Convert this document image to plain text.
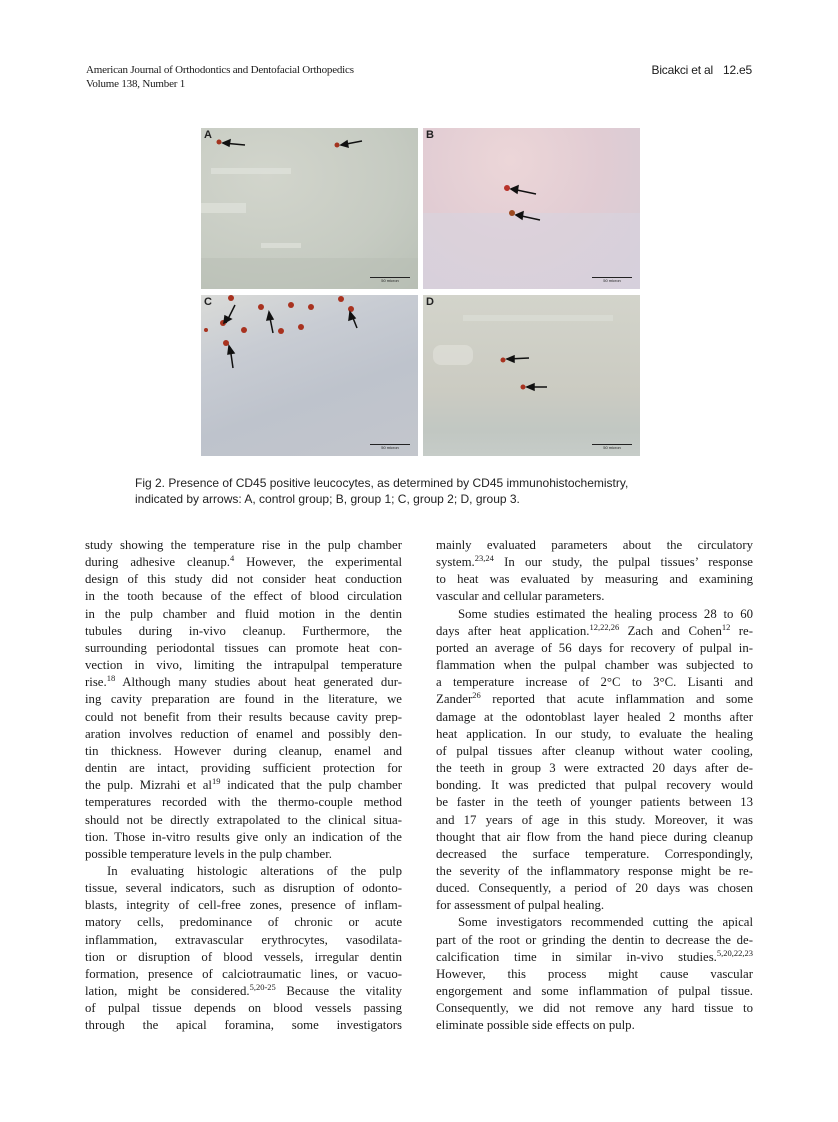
American Journal of Orthodontics and Dentofacial Orthopedics
Volume 138, Number 1
Bicakci et al 12.e5
A
50 micron
B
50 micron
C
50 micron
D
50 micron
Fig 2. Presence of CD45 positive leucocytes, as determined by CD45 immunohistochemistry,
indicated by arrows: A, control group; B, group 1; C, group 2; D, group 3.
study showing the temperature rise in the pulp chamber
during adhesive cleanup.$^4$ However, the experimental
design of this study did not consider heat conduction
in the tooth because of the effect of blood circulation
in the pulp chamber and fluid motion in the dentin
tubules during in-vivo cleanup. Furthermore, the
surrounding periodontal tissues can promote heat con-
vection in vivo, limiting the intrapulpal temperature
rise.$^{18}$ Although many studies about heat generated dur-
ing cavity preparation are found in the literature, we
could not benefit from their results because cavity prep-
aration involves reduction of enamel and possibly den-
tin thickness. However during cleanup, enamel and
dentin are intact, providing sufficient protection for
the pulp. Mizrahi et $al^{19}$ indicated that the pulp chamber
temperatures recorded with the thermo-couple method
should not be directly extrapolated to the clinical situa-
tion. Those in-vitro results give only an indication of the
possible temperature levels in the pulp chamber.
In evaluating histologic alterations of the pulp
tissue, several indicators, such as disruption of odonto-
blasts, integrity of cell-free zones, presence of inflam-
matory cells, predominance of chronic or acute
inflammation, extravascular erythrocytes, vasodilata-
tion or disruption of blood vessels, irregular dentin
formation, presence of calciotraumatic lines, or vacuo-
lation, might be considered.$^{5,20-25}$ Because the vitality
of pulpal tissue depends on blood vessels passing
through the apical foramina, some investigators
mainly evaluated parameters about the circulatory
system.$^{23,24}$ In our study, the pulpal tissues’ response
to heat was evaluated by measuring and examining
vascular and cellular parameters.
Some studies estimated the healing process 28 to 60
days after heat application.$^{12,22,26}$ Zach and Cohen$^{12}$ re-
ported an average of 56 days for recovery of pulpal in-
flammation when the pulpal chamber was subjected to
a temperature increase of 2°C to 3°C. Lisanti and
Zander$^{26}$ reported that acute inflammation and some
damage at the odontoblast layer healed 2 months after
heat application. In our study, to evaluate the healing
of pulpal tissues after cleanup without water cooling,
the teeth in group 3 were extracted 20 days after de-
bonding. It was predicted that pulpal recovery would
be faster in the teeth of younger patients between 13
and 17 years of age in this study. Moreover, it was
thought that air flow from the hand piece during cleanup
decreased the surface temperature. Correspondingly,
the severity of the inflammatory response might be re-
duced. Consequently, a period of 20 days was chosen
for assessment of pulpal healing.
Some investigators recommended cutting the apical
part of the root or grinding the dentin to decrease the de-
calcification time in similar in-vivo studies.$^{5,20,22,23}$
However, this process might cause vascular
engorgement and some inflammation of pulpal tissue.
Consequently, we did not remove any hard tissue to
eliminate possible side effects on pulp.
